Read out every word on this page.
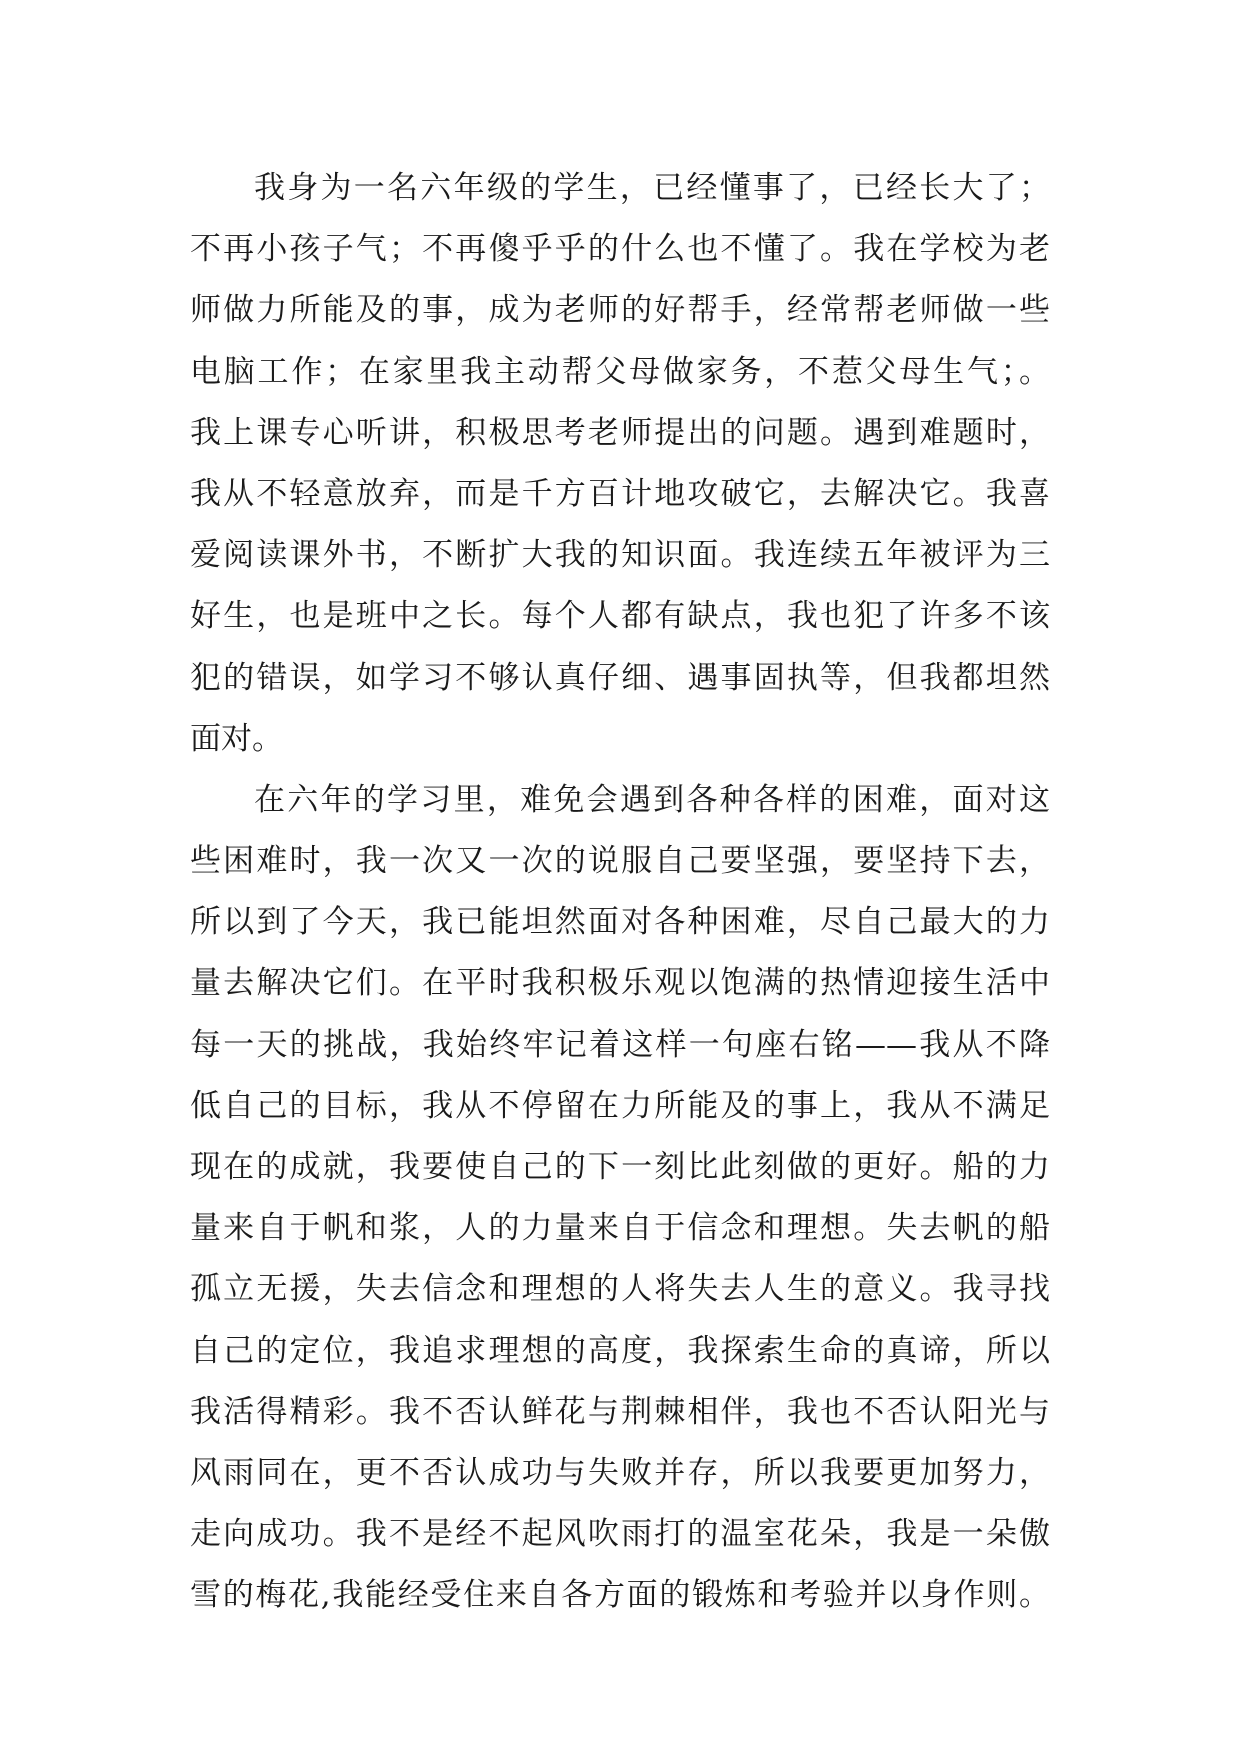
我身为一名六年级的学生，已经懂事了，已经长大了；
不再小孩子气；不再傻乎乎的什么也不懂了。我在学校为老
师做力所能及的事，成为老师的好帮手，经常帮老师做一些
电脑工作；在家里我主动帮父母做家务，不惹父母生气；。
我上课专心听讲，积极思考老师提出的问题。遇到难题时，
我从不轻意放弃，而是千方百计地攻破它，去解决它。我喜
爱阅读课外书，不断扩大我的知识面。我连续五年被评为三
好生，也是班中之长。每个人都有缺点，我也犯了许多不该
犯的错误，如学习不够认真仔细、遇事固执等，但我都坦然
面对。
在六年的学习里，难免会遇到各种各样的困难，面对这
些困难时，我一次又一次的说服自己要坚强，要坚持下去，
所以到了今天，我已能坦然面对各种困难，尽自己最大的力
量去解决它们。在平时我积极乐观以饱满的热情迎接生活中
每一天的挑战，我始终牢记着这样一句座右铭——我从不降
低自己的目标，我从不停留在力所能及的事上，我从不满足
现在的成就，我要使自己的下一刻比此刻做的更好。船的力
量来自于帆和浆，人的力量来自于信念和理想。失去帆的船
孤立无援，失去信念和理想的人将失去人生的意义。我寻找
自己的定位，我追求理想的高度，我探索生命的真谛，所以
我活得精彩。我不否认鲜花与荆棘相伴，我也不否认阳光与
风雨同在，更不否认成功与失败并存，所以我要更加努力，
走向成功。我不是经不起风吹雨打的温室花朵，我是一朵傲
雪的梅花,我能经受住来自各方面的锻炼和考验并以身作则。
